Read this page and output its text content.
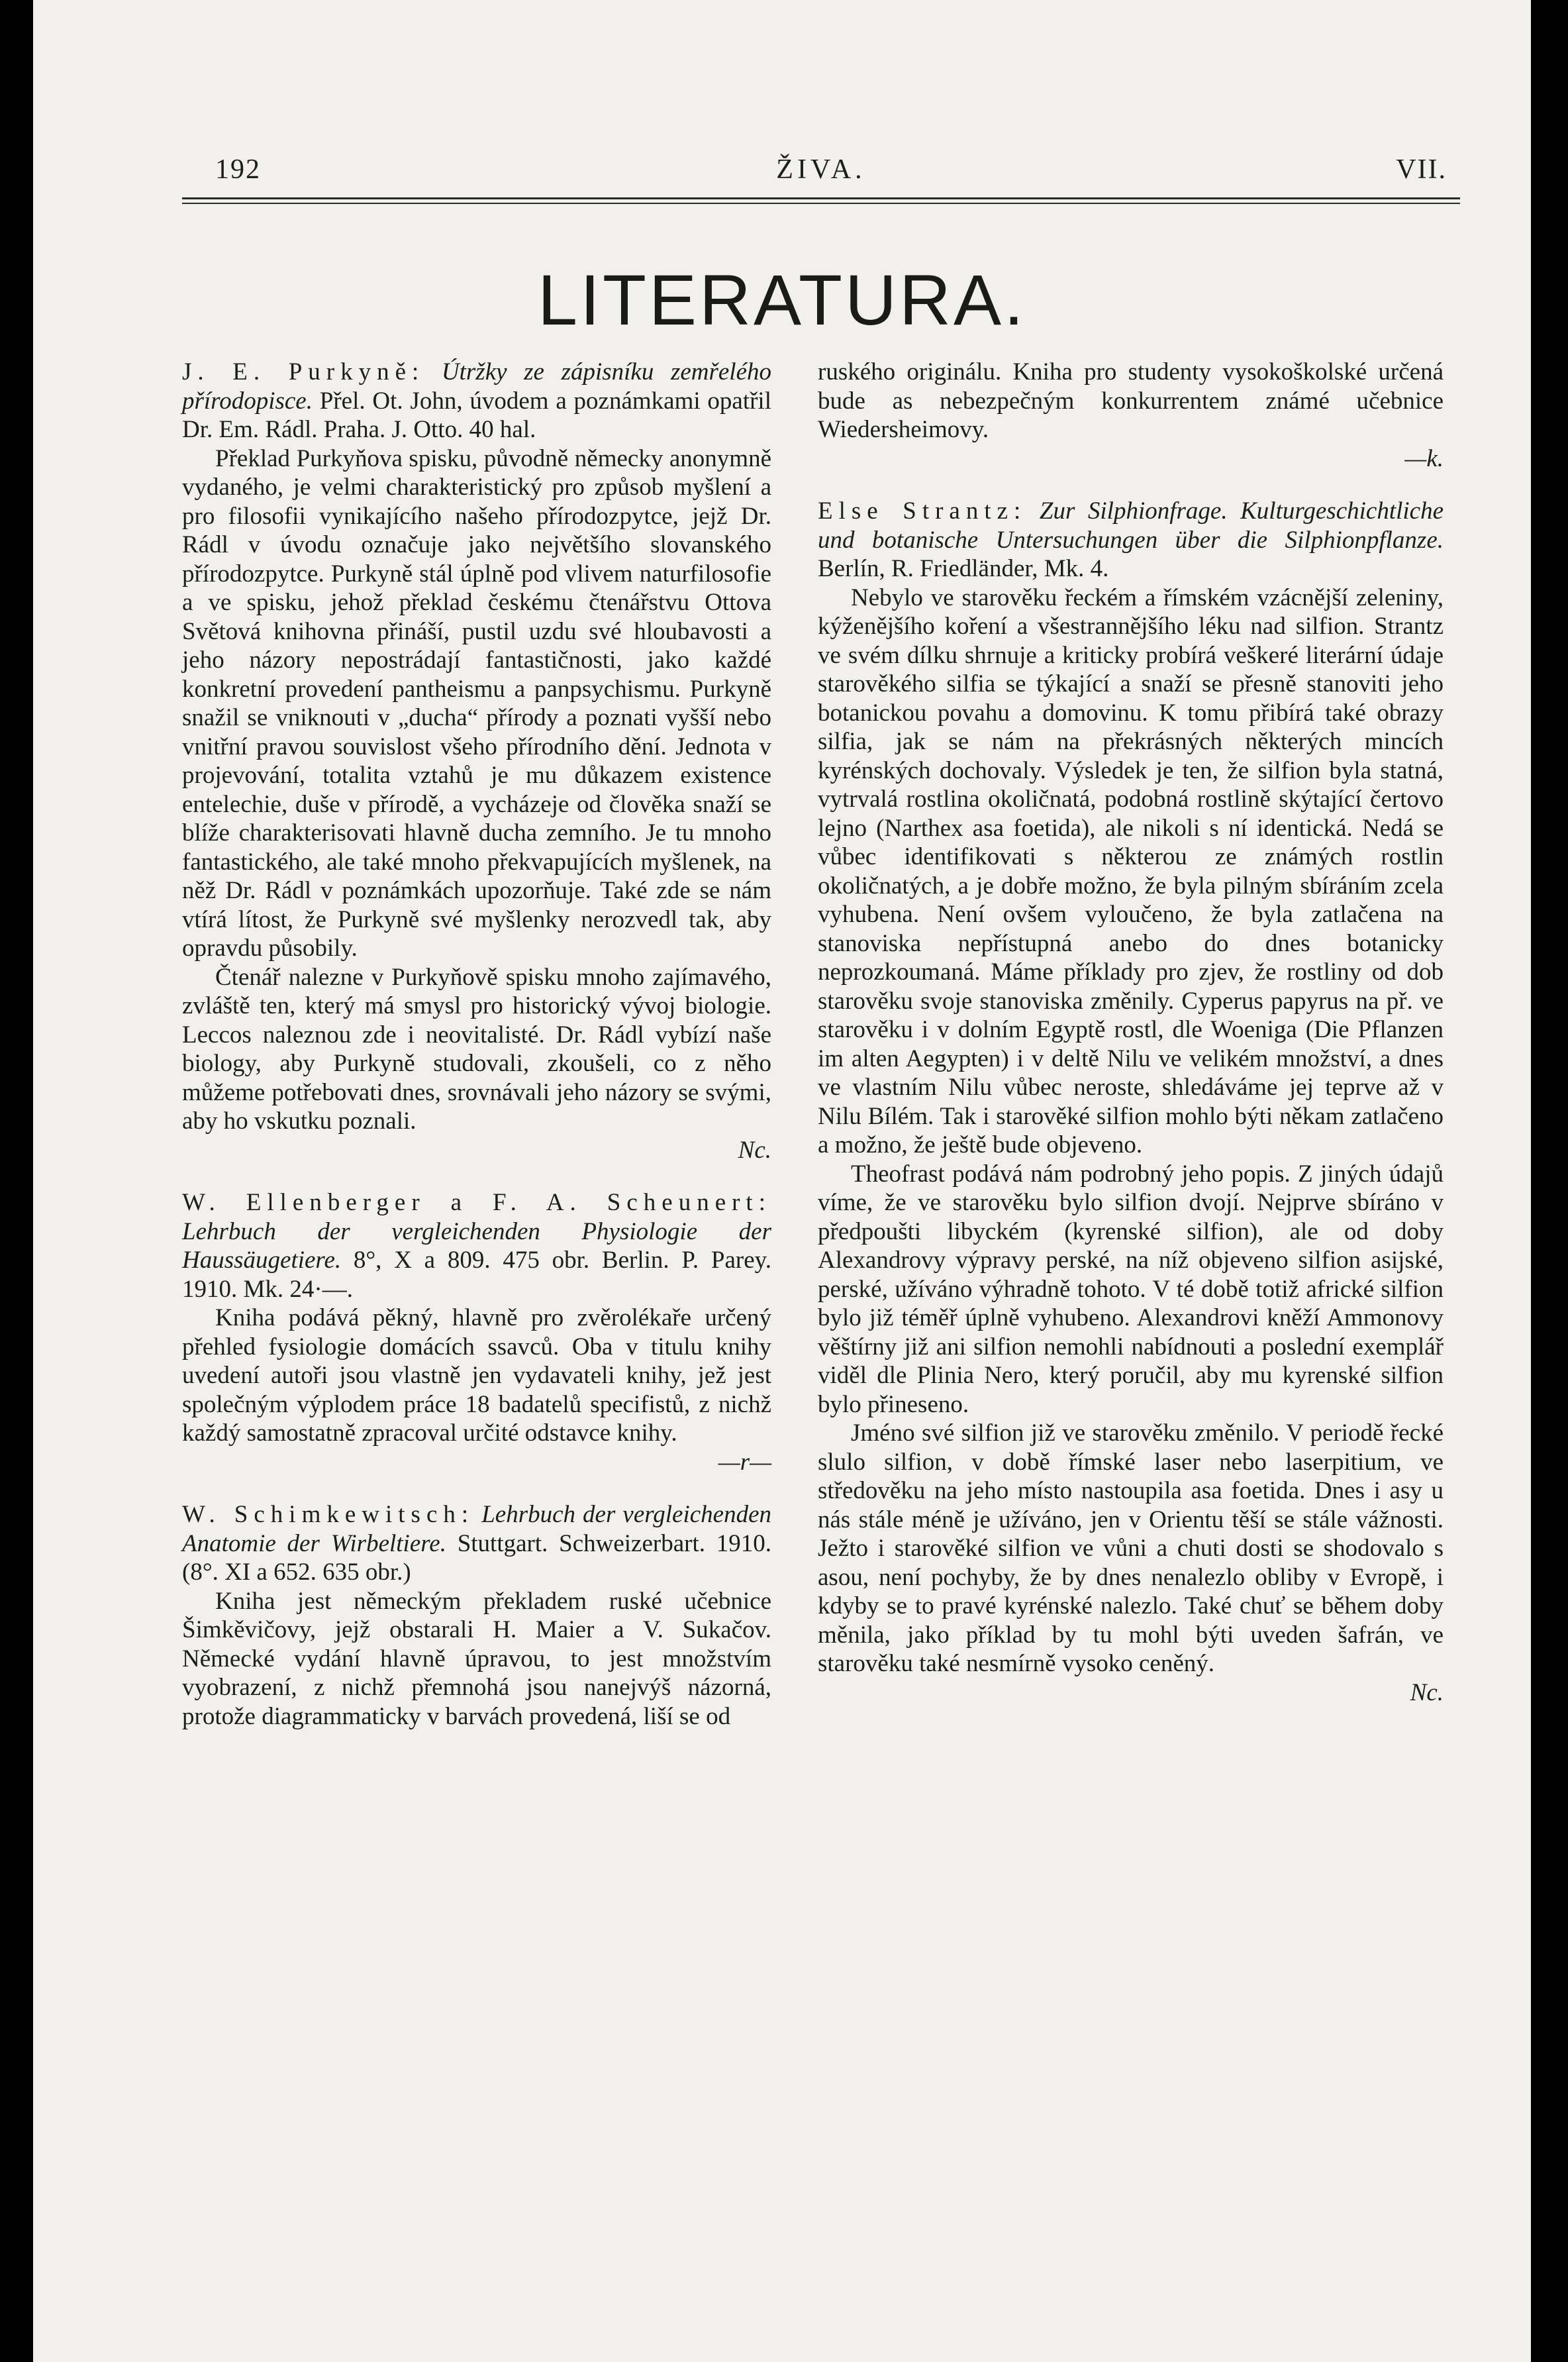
192	ŽIVA.	VII.
LITERATURA.

J. E. Purkyně: Útržky ze zápisníku zemřelého přírodopisce. Přel. Ot. John, úvodem a poznámkami opatřil Dr. Em. Rádl. Praha. J. Otto. 40 hal.

Překlad Purkyňova spisku, původně německy anonymně vydaného, je velmi charakteristický pro způsob myšlení a pro filosofii vynikajícího našeho přírodozpytce, jejž Dr. Rádl v úvodu označuje jako největšího slovanského přírodozpytce. Purkyně stál úplně pod vlivem naturfilosofie a ve spisku, jehož překlad českému čtenářstvu Ottova Světová knihovna přináší, pustil uzdu své hloubavosti a jeho názory nepostrádají fantastičnosti, jako každé konkretní provedení pantheismu a panpsychismu. Purkyně snažil se vniknouti v „ducha“ přírody a poznati vyšší nebo vnitřní pravou souvislost všeho přírodního dění. Jednota v projevování, totalita vztahů je mu důkazem existence entelechie, duše v přírodě, a vycházeje od člověka snaží se blíže charakterisovati hlavně ducha zemního. Je tu mnoho fantastického, ale také mnoho překvapujících myšlenek, na něž Dr. Rádl v poznámkách upozorňuje. Také zde se nám vtírá lítost, že Purkyně své myšlenky nerozvedl tak, aby opravdu působily.

Čtenář nalezne v Purkyňově spisku mnoho zajímavého, zvláště ten, který má smysl pro historický vývoj biologie. Leccos naleznou zde i neovitalisté. Dr. Rádl vybízí naše biology, aby Purkyně studovali, zkoušeli, co z něho můžeme potřebovati dnes, srovnávali jeho názory se svými, aby ho vskutku poznali.

Nc.

W. Ellenberger a F. A. Scheunert: Lehrbuch der vergleichenden Physiologie der Haussäugetiere. 8°, X a 809. 475 obr. Berlin. P. Parey. 1910. Mk. 24·—.

Kniha podává pěkný, hlavně pro zvěrolékaře určený přehled fysiologie domácích ssavců. Oba v titulu knihy uvedení autoři jsou vlastně jen vydavateli knihy, jež jest společným výplodem práce 18 badatelů specifistů, z nichž každý samostatně zpracoval určité odstavce knihy.

—r—

W. Schimkewitsch: Lehrbuch der vergleichenden Anatomie der Wirbeltiere. Stuttgart. Schweizerbart. 1910. (8°. XI a 652. 635 obr.)

Kniha jest německým překladem ruské učebnice Šimkěvičovy, jejž obstarali H. Maier a V. Sukačov. Německé vydání hlavně úpravou, to jest množstvím vyobrazení, z nichž přemnohá jsou nanejvýš názorná, protože diagrammaticky v barvách provedená, liší se od

ruského originálu. Kniha pro studenty vysokoškolské určená bude as nebezpečným konkurrentem známé učebnice Wiedersheimovy.

—k.

Else Strantz: Zur Silphionfrage. Kulturgeschichtliche und botanische Untersuchungen über die Silphionpflanze. Berlín, R. Friedländer, Mk. 4.

Nebylo ve starověku řeckém a římském vzácnější zeleniny, kýženějšího koření a všestrannějšího léku nad silfion. Strantz ve svém dílku shrnuje a kriticky probírá veškeré literární údaje starověkého silfia se týkající a snaží se přesně stanoviti jeho botanickou povahu a domovinu. K tomu přibírá také obrazy silfia, jak se nám na překrásných některých mincích kyrénských dochovaly. Výsledek je ten, že silfion byla statná, vytrvalá rostlina okoličnatá, podobná rostlině skýtající čertovo lejno (Narthex asa foetida), ale nikoli s ní identická. Nedá se vůbec identifikovati s některou ze známých rostlin okoličnatých, a je dobře možno, že byla pilným sbíráním zcela vyhubena. Není ovšem vyloučeno, že byla zatlačena na stanoviska nepřístupná anebo do dnes botanicky neprozkoumaná. Máme příklady pro zjev, že rostliny od dob starověku svoje stanoviska změnily. Cyperus papyrus na př. ve starověku i v dolním Egyptě rostl, dle Woeniga (Die Pflanzen im alten Aegypten) i v deltě Nilu ve velikém množství, a dnes ve vlastním Nilu vůbec neroste, shledáváme jej teprve až v Nilu Bílém. Tak i starověké silfion mohlo býti někam zatlačeno a možno, že ještě bude objeveno.

Theofrast podává nám podrobný jeho popis. Z jiných údajů víme, že ve starověku bylo silfion dvojí. Nejprve sbíráno v předpoušti libyckém (kyrenské silfion), ale od doby Alexandrovy výpravy perské, na níž objeveno silfion asijské, perské, užíváno výhradně tohoto. V té době totiž africké silfion bylo již téměř úplně vyhubeno. Alexandrovi kněží Ammonovy věštírny již ani silfion nemohli nabídnouti a poslední exemplář viděl dle Plinia Nero, který poručil, aby mu kyrenské silfion bylo přineseno.

Jméno své silfion již ve starověku změnilo. V periodě řecké slulo silfion, v době římské laser nebo laserpitium, ve středověku na jeho místo nastoupila asa foetida. Dnes i asy u nás stále méně je užíváno, jen v Orientu těší se stále vážnosti. Ježto i starověké silfion ve vůni a chuti dosti se shodovalo s asou, není pochyby, že by dnes nenalezlo obliby v Evropě, i kdyby se to pravé kyrénské nalezlo. Také chuť se během doby měnila, jako příklad by tu mohl býti uveden šafrán, ve starověku také nesmírně vysoko ceněný.

Nc.
